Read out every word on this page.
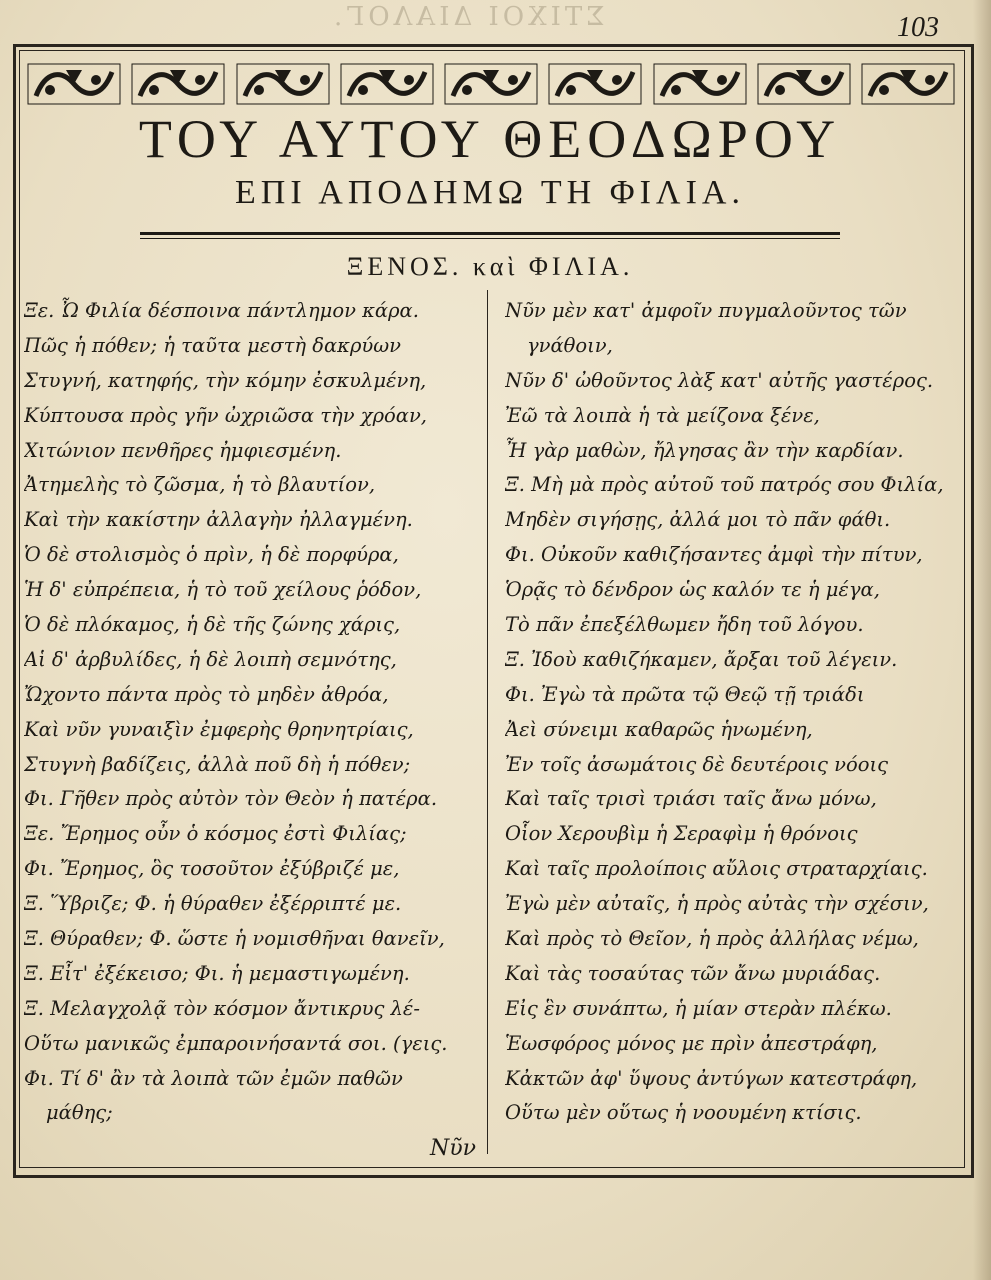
ΣΤΙΧΟΙ ΔΙΑΛΟΓ.	103
ΤΟΥ ΑΥΤΟΥ ΘΕΟΔΩΡΟΥ
ΕΠΙ ΑΠΟΔΗΜΩ ΤΗ ΦΙΛΙΑ.
ΞΕΝΟΣ. καὶ ΦΙΛΙΑ.
Ξε. Ὦ Φιλία δέσποινα πάντλημον κάρα.
Πῶς ἡ πόθεν; ἡ ταῦτα μεστὴ δακρύων
Στυγνή, κατηφής, τὴν κόμην ἐσκυλμένη,
Κύπτουσα πρὸς γῆν ὠχριῶσα τὴν χρόαν,
Χιτώνιον πενθῆρες ἠμφιεσμένη.
Ἀτημελὴς τὸ ζῶσμα, ἡ τὸ βλαυτίον,
Καὶ τὴν κακίστην ἀλλαγὴν ἠλλαγμένη.
Ὁ δὲ στολισμὸς ὁ πρὶν, ἡ δὲ πορφύρα,
Ἡ δ' εὐπρέπεια, ἡ τὸ τοῦ χείλους ῥόδον,
Ὁ δὲ πλόκαμος, ἡ δὲ τῆς ζώνης χάρις,
Αἱ δ' ἀρβυλίδες, ἡ δὲ λοιπὴ σεμνότης,
Ὤχοντο πάντα πρὸς τὸ μηδὲν ἀθρόα,
Καὶ νῦν γυναιξὶν ἐμφερὴς θρηνητρίαις,
Στυγνὴ βαδίζεις, ἀλλὰ ποῦ δὴ ἡ πόθεν;
Φι. Γῆθεν πρὸς αὐτὸν τὸν Θεὸν ἡ πατέρα.
Ξε. Ἔρημος οὖν ὁ κόσμος ἐστὶ Φιλίας;
Φι. Ἔρημος, ὃς τοσοῦτον ἐξύβριζέ με,
Ξ. Ὕβριζε; Φ. ἡ θύραθεν ἐξέρριπτέ με.
Ξ. Θύραθεν; Φ. ὥστε ἡ νομισθῆναι θανεῖν,
Ξ. Εἶτ' ἐξέκεισο; Φι. ἡ μεμαστιγωμένη.
Ξ. Μελαγχολᾷ τὸν κόσμον ἄντικρυς λέ-
Οὕτω μανικῶς ἐμπαροινήσαντά σοι. (γεις.
Φι. Τί δ' ἂν τὰ λοιπὰ τῶν ἐμῶν παθῶν
μάθης;
Νῦν μὲν κατ' ἀμφοῖν πυγμαλοῦντος τῶν
γνάθοιν,
Νῦν δ' ὠθοῦντος λὰξ κατ' αὐτῆς γαστέρος.
Ἐῶ τὰ λοιπὰ ἡ τὰ μείζονα ξένε,
Ἦ γὰρ μαθὼν, ἤλγησας ἂν τὴν καρδίαν.
Ξ. Μὴ μὰ πρὸς αὐτοῦ τοῦ πατρός σου Φιλία,
Μηδὲν σιγήσῃς, ἀλλά μοι τὸ πᾶν φάθι.
Φι. Οὐκοῦν καθιζήσαντες ἀμφὶ τὴν πίτυν,
Ὁρᾷς τὸ δένδρον ὡς καλόν τε ἡ μέγα,
Τὸ πᾶν ἐπεξέλθωμεν ἤδη τοῦ λόγου.
Ξ. Ἰδοὺ καθιζήκαμεν, ἄρξαι τοῦ λέγειν.
Φι. Ἐγὼ τὰ πρῶτα τῷ Θεῷ τῇ τριάδι
Ἀεὶ σύνειμι καθαρῶς ἡνωμένη,
Ἐν τοῖς ἀσωμάτοις δὲ δευτέροις νόοις
Καὶ ταῖς τρισὶ τριάσι ταῖς ἄνω μόνω,
Οἷον Χερουβὶμ ἡ Σεραφὶμ ἡ θρόνοις
Καὶ ταῖς προλοίποις αὔλοις στραταρχίαις.
Ἐγὼ μὲν αὐταῖς, ἡ πρὸς αὐτὰς τὴν σχέσιν,
Καὶ πρὸς τὸ Θεῖον, ἡ πρὸς ἀλλήλας νέμω,
Καὶ τὰς τοσαύτας τῶν ἄνω μυριάδας.
Εἰς ἓν συνάπτω, ἡ μίαν στερὰν πλέκω.
Ἑωσφόρος μόνος με πρὶν ἀπεστράφη,
Κἀκτῶν ἀφ' ὕψους ἀντύγων κατεστράφη,
Οὕτω μὲν οὕτως ἡ νοουμένη κτίσις.
Νῦν
